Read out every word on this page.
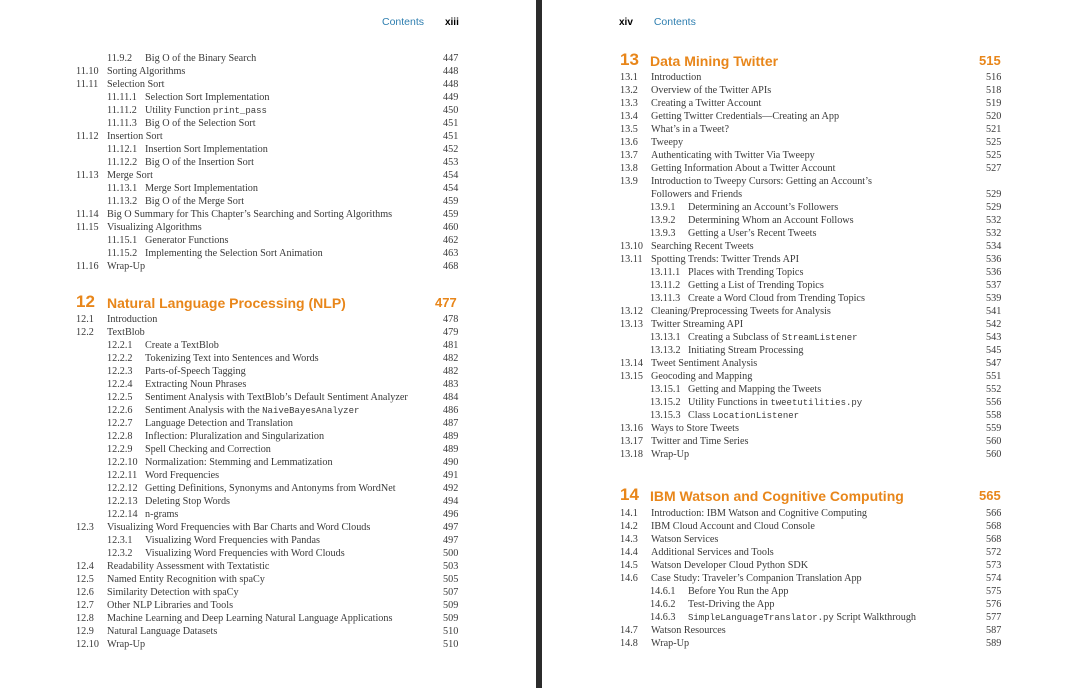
Contents xiii
11.9.2 Big O of the Binary Search	447
11.10 Sorting Algorithms	448
11.11 Selection Sort	448
11.11.1 Selection Sort Implementation	449
11.11.2 Utility Function print_pass	450
11.11.3 Big O of the Selection Sort	451
11.12 Insertion Sort	451
11.12.1 Insertion Sort Implementation	452
11.12.2 Big O of the Insertion Sort	453
11.13 Merge Sort	454
11.13.1 Merge Sort Implementation	454
11.13.2 Big O of the Merge Sort	459
11.14 Big O Summary for This Chapter’s Searching and Sorting Algorithms	459
11.15 Visualizing Algorithms	460
11.15.1 Generator Functions	462
11.15.2 Implementing the Selection Sort Animation	463
11.16 Wrap-Up	468
12 Natural Language Processing (NLP)	477
12.1 Introduction	478
12.2 TextBlob	479
12.2.1 Create a TextBlob	481
12.2.2 Tokenizing Text into Sentences and Words	482
12.2.3 Parts-of-Speech Tagging	482
12.2.4 Extracting Noun Phrases	483
12.2.5 Sentiment Analysis with TextBlob’s Default Sentiment Analyzer	484
12.2.6 Sentiment Analysis with the NaiveBayesAnalyzer	486
12.2.7 Language Detection and Translation	487
12.2.8 Inflection: Pluralization and Singularization	489
12.2.9 Spell Checking and Correction	489
12.2.10 Normalization: Stemming and Lemmatization	490
12.2.11 Word Frequencies	491
12.2.12 Getting Definitions, Synonyms and Antonyms from WordNet	492
12.2.13 Deleting Stop Words	494
12.2.14 n-grams	496
12.3 Visualizing Word Frequencies with Bar Charts and Word Clouds	497
12.3.1 Visualizing Word Frequencies with Pandas	497
12.3.2 Visualizing Word Frequencies with Word Clouds	500
12.4 Readability Assessment with Textatistic	503
12.5 Named Entity Recognition with spaCy	505
12.6 Similarity Detection with spaCy	507
12.7 Other NLP Libraries and Tools	509
12.8 Machine Learning and Deep Learning Natural Language Applications	509
12.9 Natural Language Datasets	510
12.10 Wrap-Up	510
xiv Contents
13 Data Mining Twitter	515
13.1 Introduction	516
13.2 Overview of the Twitter APIs	518
13.3 Creating a Twitter Account	519
13.4 Getting Twitter Credentials—Creating an App	520
13.5 What’s in a Tweet?	521
13.6 Tweepy	525
13.7 Authenticating with Twitter Via Tweepy	525
13.8 Getting Information About a Twitter Account	527
13.9 Introduction to Tweepy Cursors: Getting an Account’s
Followers and Friends	529
13.9.1 Determining an Account’s Followers	529
13.9.2 Determining Whom an Account Follows	532
13.9.3 Getting a User’s Recent Tweets	532
13.10 Searching Recent Tweets	534
13.11 Spotting Trends: Twitter Trends API	536
13.11.1 Places with Trending Topics	536
13.11.2 Getting a List of Trending Topics	537
13.11.3 Create a Word Cloud from Trending Topics	539
13.12 Cleaning/Preprocessing Tweets for Analysis	541
13.13 Twitter Streaming API	542
13.13.1 Creating a Subclass of StreamListener	543
13.13.2 Initiating Stream Processing	545
13.14 Tweet Sentiment Analysis	547
13.15 Geocoding and Mapping	551
13.15.1 Getting and Mapping the Tweets	552
13.15.2 Utility Functions in tweetutilities.py	556
13.15.3 Class LocationListener	558
13.16 Ways to Store Tweets	559
13.17 Twitter and Time Series	560
13.18 Wrap-Up	560
14 IBM Watson and Cognitive Computing	565
14.1 Introduction: IBM Watson and Cognitive Computing	566
14.2 IBM Cloud Account and Cloud Console	568
14.3 Watson Services	568
14.4 Additional Services and Tools	572
14.5 Watson Developer Cloud Python SDK	573
14.6 Case Study: Traveler’s Companion Translation App	574
14.6.1 Before You Run the App	575
14.6.2 Test-Driving the App	576
14.6.3 SimpleLanguageTranslator.py Script Walkthrough	577
14.7 Watson Resources	587
14.8 Wrap-Up	589
